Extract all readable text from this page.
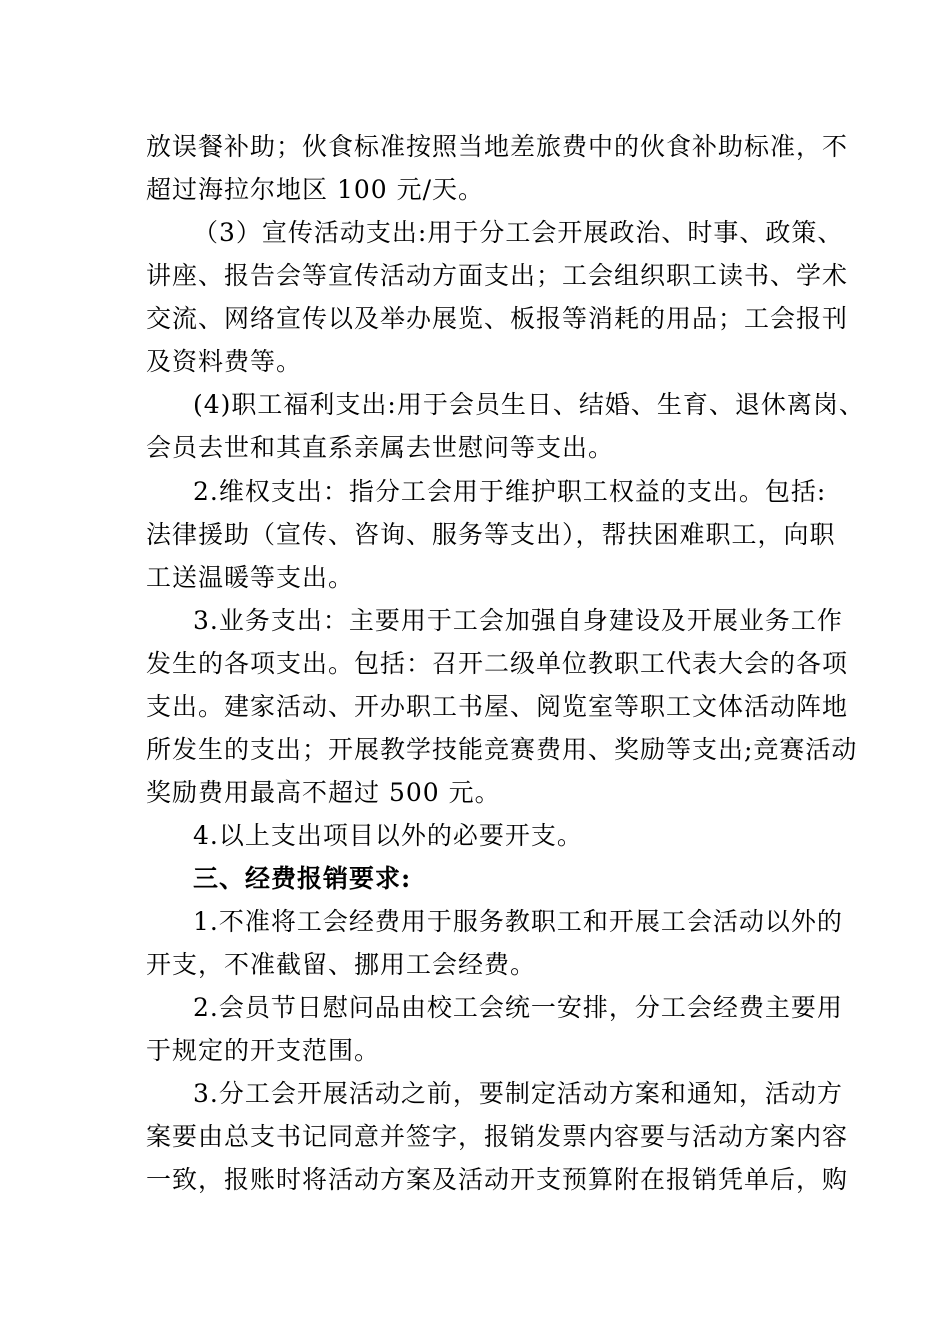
放误餐补助；伙食标准按照当地差旅费中的伙食补助标准，不
超过海拉尔地区 100 元/天。
（3）宣传活动支出:用于分工会开展政治、时事、政策、
讲座、报告会等宣传活动方面支出；工会组织职工读书、学术
交流、网络宣传以及举办展览、板报等消耗的用品；工会报刊
及资料费等。
(4)职工福利支出:用于会员生日、结婚、生育、退休离岗、
会员去世和其直系亲属去世慰问等支出。
2.维权支出：指分工会用于维护职工权益的支出。包括:
法律援助（宣传、咨询、服务等支出），帮扶困难职工，向职
工送温暖等支出。
3.业务支出：主要用于工会加强自身建设及开展业务工作
发生的各项支出。包括：召开二级单位教职工代表大会的各项
支出。建家活动、开办职工书屋、阅览室等职工文体活动阵地
所发生的支出；开展教学技能竞赛费用、奖励等支出;竞赛活动
奖励费用最高不超过 500 元。
4.以上支出项目以外的必要开支。
三、经费报销要求:
1.不准将工会经费用于服务教职工和开展工会活动以外的
开支，不准截留、挪用工会经费。
2.会员节日慰问品由校工会统一安排，分工会经费主要用
于规定的开支范围。
3.分工会开展活动之前，要制定活动方案和通知，活动方
案要由总支书记同意并签字，报销发票内容要与活动方案内容
一致，报账时将活动方案及活动开支预算附在报销凭单后，购
